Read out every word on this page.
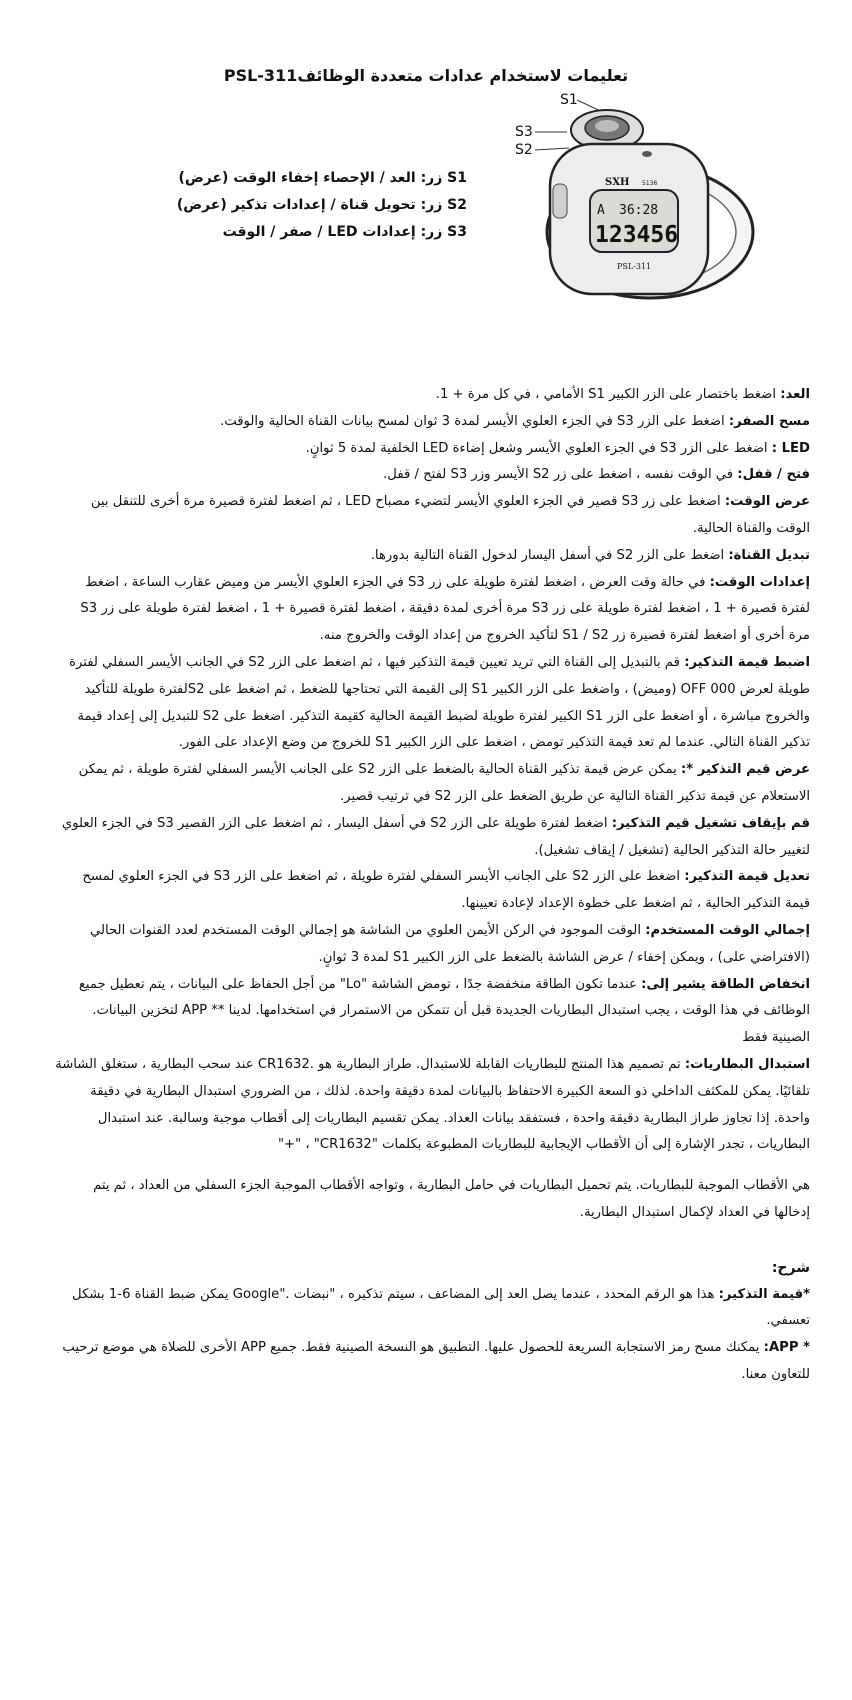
PSL-311تعليمات لاستخدام عدادات متعددة الوظائف
S1
S3
S2
SXH 5136
A 36:28
123456
PSL-311
S1 زر: العد / الإحصاء إخفاء الوقت (عرض)
S2 زر: تحويل قناة / إعدادات تذكير (عرض)
S3 زر: إعدادات LED / صفر / الوقت

العد: اضغط باختصار على الزر الكبير S1 الأمامي ، في كل مرة + 1.

مسح الصفر: اضغط على الزر S3 في الجزء العلوي الأيسر لمدة 3 ثوان لمسح بيانات القناة الحالية والوقت.

LED : اضغط على الزر S3 في الجزء العلوي الأيسر وشعل إضاءة LED الخلفية لمدة 5 ثوانٍ.

فتح / قفل: في الوقت نفسه ، اضغط على زر S2 الأيسر وزر S3 لفتح / قفل.

عرض الوقت: اضغط على زر S3 قصير في الجزء العلوي الأيسر لتضيء مصباح LED ، ثم اضغط لفترة قصيرة مرة أخرى للتنقل بين الوقت والقناة الحالية.

تبديل القناة: اضغط على الزر S2 في أسفل اليسار لدخول القناة التالية بدورها.

إعدادات الوقت: في حالة وقت العرض ، اضغط لفترة طويلة على زر S3 في الجزء العلوي الأيسر من وميض عقارب الساعة ، اضغط لفترة قصيرة + 1 ، اضغط لفترة طويلة على زر S3 مرة أخرى لمدة دقيقة ، اضغط لفترة قصيرة + 1 ، اضغط لفترة طويلة على زر S3 مرة أخرى أو اضغط لفترة قصيرة زر S1 / S2 لتأكيد الخروج من إعداد الوقت والخروج منه.

اضبط قيمة التذكير: قم بالتبديل إلى القناة التي تريد تعيين قيمة التذكير فيها ، ثم اضغط على الزر S2 في الجانب الأيسر السفلي لفترة طويلة لعرض OFF 000 (وميض) ، واضغط على الزر الكبير S1 إلى القيمة التي تحتاجها للضغط ، ثم اضغط على S2لفترة طويلة للتأكيد والخروج مباشرة ، أو اضغط على الزر S1 الكبير لفترة طويلة لضبط القيمة الحالية كقيمة التذكير. اضغط على S2 للتبديل إلى إعداد قيمة تذكير القناة التالي. عندما لم تعد قيمة التذكير تومض ، اضغط على الزر الكبير S1 للخروج من وضع الإعداد على الفور.

عرض قيم التذكير *: يمكن عرض قيمة تذكير القناة الحالية بالضغط على الزر S2 على الجانب الأيسر السفلي لفترة طويلة ، ثم يمكن الاستعلام عن قيمة تذكير القناة التالية عن طريق الضغط على الزر S2 في ترتيب قصير.

قم بإيقاف تشغيل قيم التذكير: اضغط لفترة طويلة على الزر S2 في أسفل اليسار ، ثم اضغط على الزر القصير S3 في الجزء العلوي لتغيير حالة التذكير الحالية (تشغيل / إيقاف تشغيل).

تعديل قيمة التذكير: اضغط على الزر S2 على الجانب الأيسر السفلي لفترة طويلة ، ثم اضغط على الزر S3 في الجزء العلوي لمسح قيمة التذكير الحالية ، ثم اضغط على خطوة الإعداد لإعادة تعيينها.

إجمالي الوقت المستخدم: الوقت الموجود في الركن الأيمن العلوي من الشاشة هو إجمالي الوقت المستخدم لعدد القنوات الحالي (الافتراضي على) ، ويمكن إخفاء / عرض الشاشة بالضغط على الزر الكبير S1 لمدة 3 ثوانٍ.

انخفاض الطاقة يشير إلى: عندما تكون الطاقة منخفضة جدًا ، تومض الشاشة "Lo" من أجل الحفاظ على البيانات ، يتم تعطيل جميع الوظائف في هذا الوقت ، يجب استبدال البطاريات الجديدة قبل أن تتمكن من الاستمرار في استخدامها. لدينا ** APP لتخزين البيانات. الصينية فقط

استبدال البطاريات: تم تصميم هذا المنتج للبطاريات القابلة للاستبدال. طراز البطارية هو .CR1632 عند سحب البطارية ، ستغلق الشاشة تلقائيًا. يمكن للمكثف الداخلي ذو السعة الكبيرة الاحتفاظ بالبيانات لمدة دقيقة واحدة. لذلك ، من الضروري استبدال البطارية في دقيقة واحدة. إذا تجاوز طراز البطارية دقيقة واحدة ، فستفقد بيانات العداد. يمكن تقسيم البطاريات إلى أقطاب موجبة وسالبة. عند استبدال البطاريات ، تجدر الإشارة إلى أن الأقطاب الإيجابية للبطاريات المطبوعة بكلمات "CR1632" ، "+"

هي الأقطاب الموجبة للبطاريات. يتم تحميل البطاريات في حامل البطارية ، وتواجه الأقطاب الموجبة الجزء السفلي من العداد ، ثم يتم إدخالها في العداد لإكمال استبدال البطارية.

شرح:

*قيمة التذكير: هذا هو الرقم المحدد ، عندما يصل العد إلى المضاعف ، سيتم تذكيره ، "نبضات ."Google يمكن ضبط القناة 6-1 بشكل تعسفي.

* APP: يمكنك مسح رمز الاستجابة السريعة للحصول عليها. التطبيق هو النسخة الصينية فقط. جميع APP الأخرى للصلاة هي موضع ترحيب للتعاون معنا.
